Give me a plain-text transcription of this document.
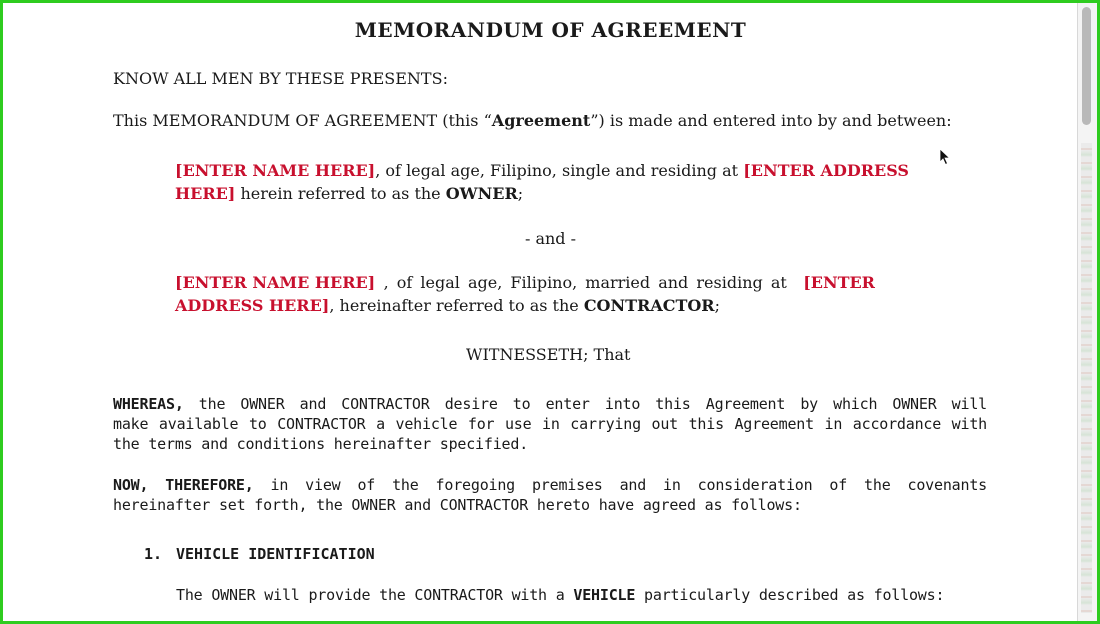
MEMORANDUM OF AGREEMENT
KNOW ALL MEN BY THESE PRESENTS:
This MEMORANDUM OF AGREEMENT (this “Agreement”) is made and entered into by and between:
[ENTER NAME HERE], of legal age, Filipino, single and residing at [ENTER ADDRESS
HERE] herein referred to as the OWNER;
- and -
[ENTER NAME HERE] , of legal age, Filipino, married and residing at [ENTER
ADDRESS HERE], hereinafter referred to as the CONTRACTOR;
WITNESSETH; That
WHEREAS, the OWNER and CONTRACTOR desire to enter into this Agreement by which OWNER will
make available to CONTRACTOR a vehicle for use in carrying out this Agreement in accordance with
the terms and conditions hereinafter specified.
NOW, THEREFORE, in view of the foregoing premises and in consideration of the covenants
hereinafter set forth, the OWNER and CONTRACTOR hereto have agreed as follows:
1. VEHICLE IDENTIFICATION
The OWNER will provide the CONTRACTOR with a VEHICLE particularly described as follows:
